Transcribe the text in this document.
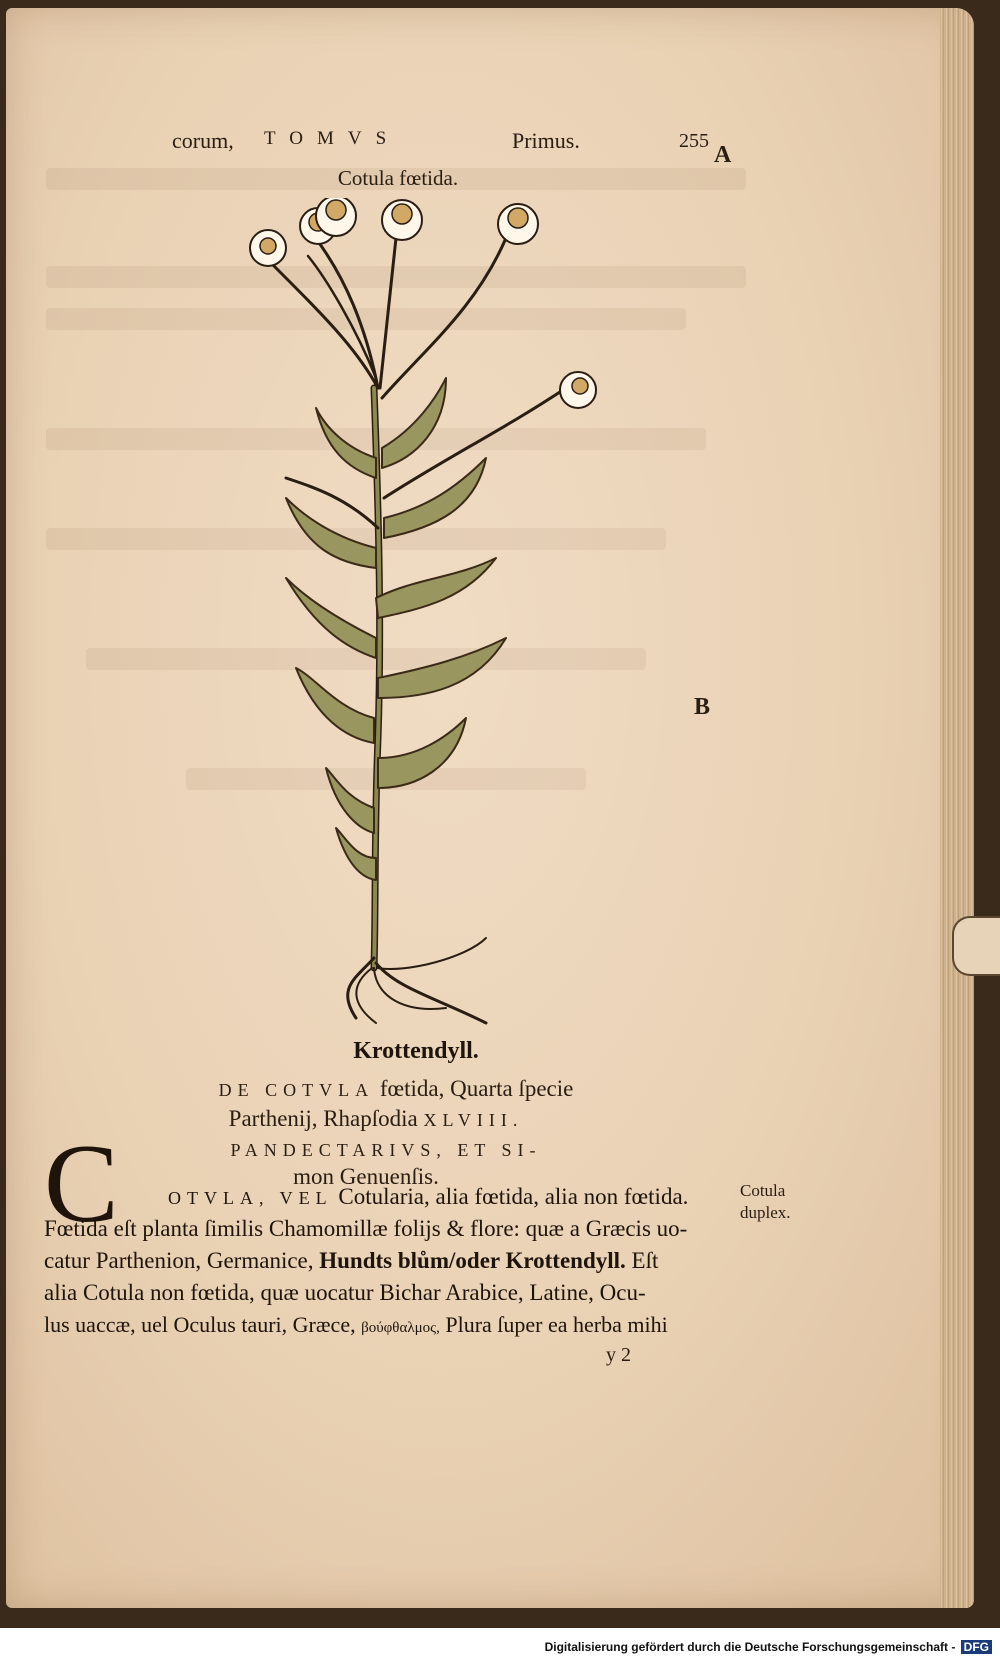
corum, TOMVS	Primus.	255
A
B
Cotula fœtida.
Krottendyll.
DE COTVLA fœtida, Quarta ſpecie
Parthenij, Rhapſodia XLVIII.
PANDECTARIVS, ET SI-
mon Genuenſis.
C	OTVLA, VEL Cotularia, alia fœtida, alia non fœtida.
Fœtida eſt planta ſimilis Chamomillæ folijs & flore: quæ a Græcis uo-
catur Parthenion, Germanice, Hundts blům/oder Krottendyll. Eſt
alia Cotula non fœtida, quæ uocatur Bichar Arabice, Latine, Ocu-
lus uaccæ, uel Oculus tauri, Græce, βούφθαλμος, Plura ſuper ea herba mihi
Cotula
duplex.
y 2
Digitalisierung gefördert durch die Deutsche Forschungsgemeinschaft - DFG
